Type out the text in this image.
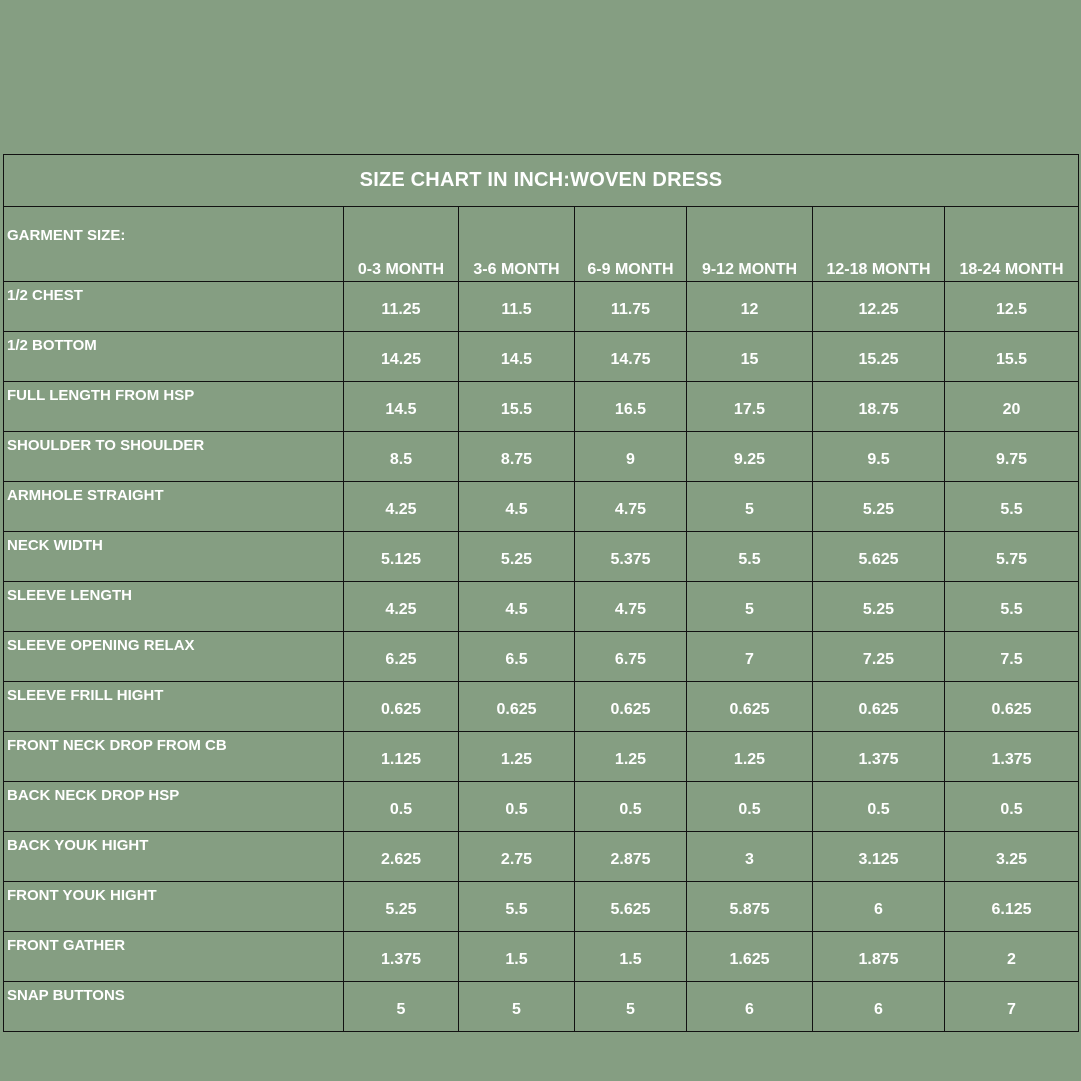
SIZE CHART IN INCH:WOVEN DRESS						
GARMENT SIZE:	0-3 MONTH	3-6 MONTH	6-9 MONTH	9-12 MONTH	12-18 MONTH	18-24 MONTH
1/2 CHEST	11.25	11.5	11.75	12	12.25	12.5
1/2 BOTTOM	14.25	14.5	14.75	15	15.25	15.5
FULL LENGTH FROM HSP	14.5	15.5	16.5	17.5	18.75	20
SHOULDER TO SHOULDER	8.5	8.75	9	9.25	9.5	9.75
ARMHOLE STRAIGHT	4.25	4.5	4.75	5	5.25	5.5
NECK WIDTH	5.125	5.25	5.375	5.5	5.625	5.75
SLEEVE LENGTH	4.25	4.5	4.75	5	5.25	5.5
SLEEVE OPENING RELAX	6.25	6.5	6.75	7	7.25	7.5
SLEEVE FRILL HIGHT	0.625	0.625	0.625	0.625	0.625	0.625
FRONT NECK DROP FROM CB	1.125	1.25	1.25	1.25	1.375	1.375
BACK NECK DROP HSP	0.5	0.5	0.5	0.5	0.5	0.5
BACK YOUK HIGHT	2.625	2.75	2.875	3	3.125	3.25
FRONT YOUK HIGHT	5.25	5.5	5.625	5.875	6	6.125
FRONT GATHER	1.375	1.5	1.5	1.625	1.875	2
SNAP BUTTONS	5	5	5	6	6	7
